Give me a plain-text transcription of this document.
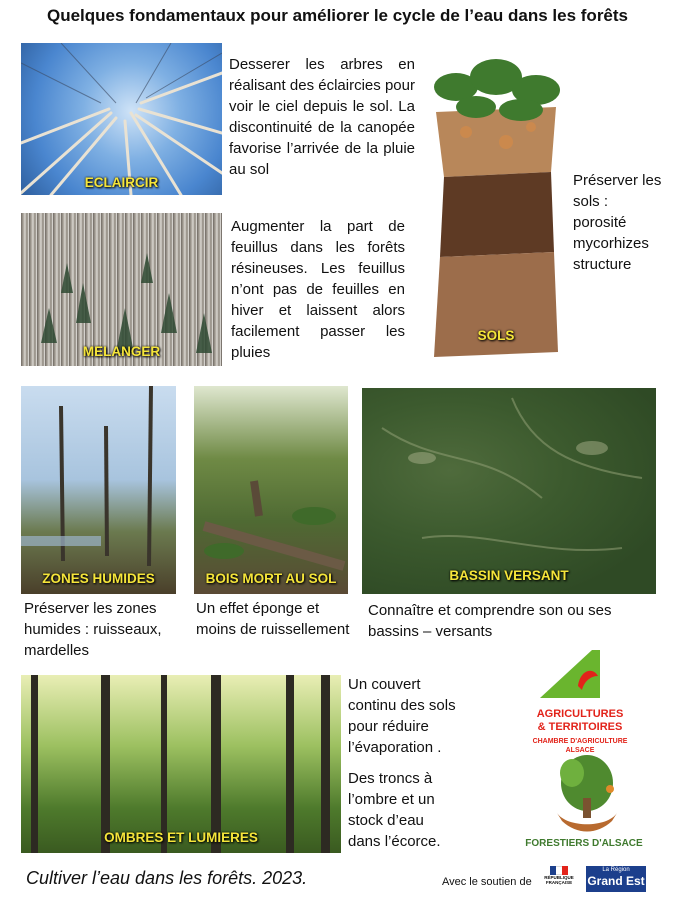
Quelques fondamentaux pour améliorer le cycle de l’eau dans les forêts
ECLAIRCIR
Desserer les arbres en réalisant des éclaircies pour voir le ciel depuis le sol. La discontinuité de la canopée favorise l’arrivée de la pluie au sol
MELANGER
Augmenter la part de feuillus dans les forêts résineuses. Les feuillus n’ont pas de feuilles en hiver et laissent alors facilement passer les pluies
SOLS
Préserver les sols : porosité mycorhizes structure
ZONES HUMIDES
Préserver les zones humides : ruisseaux, mardelles
BOIS MORT AU SOL
Un effet éponge et moins de ruissellement
BASSIN VERSANT
Connaître et comprendre son ou ses bassins – versants
OMBRES ET LUMIERES
Un couvert continu des sols pour réduire l’évaporation .
Des troncs à l’ombre et un stock d’eau dans l’écorce.
AGRICULTURES
& TERRITOIRES
CHAMBRE D'AGRICULTURE
ALSACE
FORESTIERS D'ALSACE
Cultiver l’eau dans les forêts. 2023.	Avec le soutien de	RÉPUBLIQUE FRANÇAISE
La Région
Grand Est
